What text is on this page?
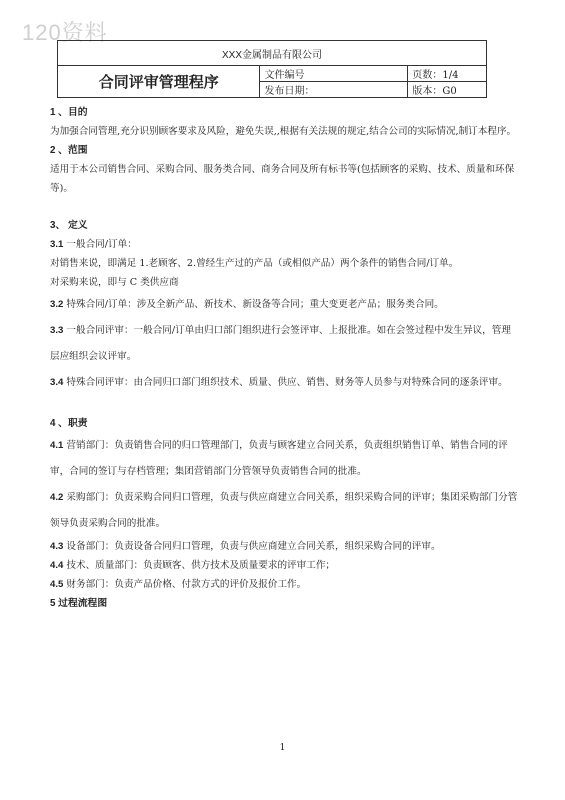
120资料
XXX金属制品有限公司		
合同评审管理程序	文件编号	页数：1/4
	发布日期：	版本：G0
1 、目的

为加强合同管理,充分识别顾客要求及风险，避免失误,,根据有关法规的规定,结合公司的实际情况,制订本程序。

2 、范围

适用于本公司销售合同、采购合同、服务类合同、商务合同及所有标书等(包括顾客的采购、技术、质量和环保等)。

3、 定义

3.1 一般合同/订单：

对销售来说，即满足 1.老顾客、2.曾经生产过的产品（或相似产品）两个条件的销售合同/订单。

对采购来说，即与 C 类供应商

3.2 特殊合同/订单：涉及全新产品、新技术、新设备等合同；重大变更老产品；服务类合同。

3.3 一般合同评审：一般合同/订单由归口部门组织进行会签评审、上报批准。如在会签过程中发生异议，管理层应组织会议评审。

3.4 特殊合同评审：由合同归口部门组织技术、质量、供应、销售、财务等人员参与对特殊合同的逐条评审。

4 、职责

4.1 营销部门：负责销售合同的归口管理部门，负责与顾客建立合同关系，负责组织销售订单、销售合同的评审，合同的签订与存档管理；集团营销部门分管领导负责销售合同的批准。

4.2 采购部门：负责采购合同归口管理，负责与供应商建立合同关系，组织采购合同的评审；集团采购部门分管领导负责采购合同的批准。

4.3 设备部门：负责设备合同归口管理，负责与供应商建立合同关系，组织采购合同的评审。

4.4 技术、质量部门：负责顾客、供方技术及质量要求的评审工作；

4.5 财务部门：负责产品价格、付款方式的评价及报价工作。

5 过程流程图
1
